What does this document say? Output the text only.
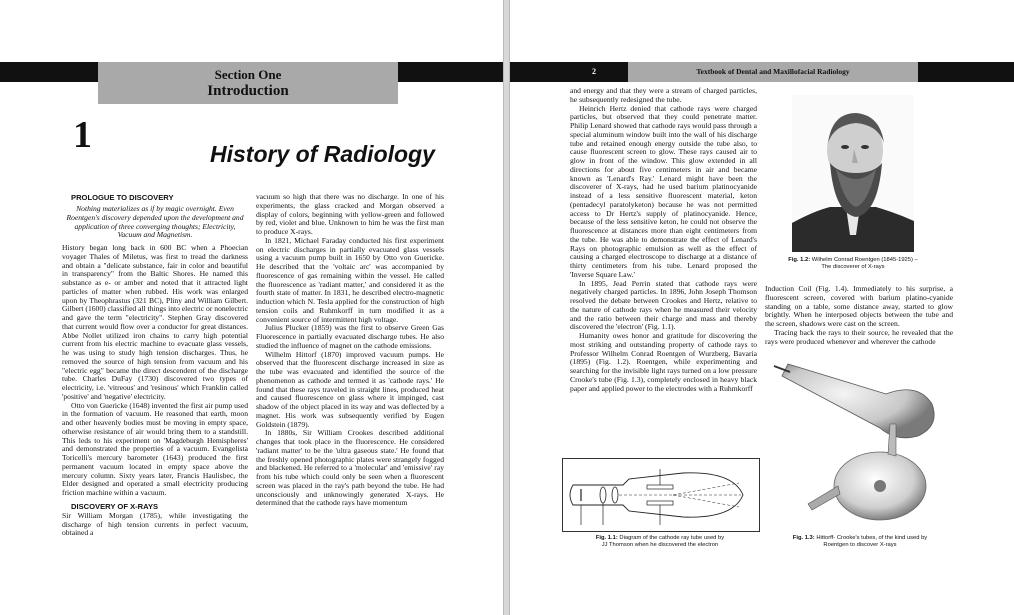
Section One
Introduction
1	History of Radiology

PROLOGUE TO DISCOVERY

Nothing materializes as if by magic overnight. Even Roentgen's discovery depended upon the development and application of three converging thoughts; Electricity, Vacuum and Magnetism.

History began long back in 600 BC when a Phoecian voyager Thales of Miletus, was first to tread the darkness and obtain a "delicate substance, fair in color and beautiful in transparency" from the Baltic Shores. He named this substance as e- or amber and noted that it attracted light particles of matter when rubbed. His work was enlarged upon by Theophrastus (321 BC), Pliny and William Gilbert. Gilbert (1600) classified all things into electric or nonelectric and gave the term "electricity". Stephen Gray discovered that current would flow over a conductor for great distances. Abbe Nollet utilized iron chains to carry high potential current from his electric machine to evacuate glass vessels, he was using to study high tension discharges. Thus, he removed the source of high tension from vacuum and his "electric egg" became the direct descendent of the discharge tube. Charles DuFay (1730) discovered two types of electricity, i.e. 'vitreous' and 'resinous' which Franklin called 'positive' and 'negative' electricity.

Otto von Guericke (1648) invented the first air pump used in the formation of vacuum. He reasoned that earth, moon and other heavenly bodies must be moving in empty space, otherwise resistance of air would bring them to a standstill. This leds to his experiment on 'Magdeburgh Hemispheres' and demonstrated the properties of a vacuum. Evangelista Toricelli's mercury barometer (1643) produced the first permanent vacuum located in empty space above the mercury column. Sixty years later, Francis Haulisbec, the Elder designed and operated a small electricity producing friction machine within a vacuum.

DISCOVERY OF X-RAYS

Sir William Morgan (1785), while investigating the discharge of high tension currents in perfect vacuum, obtained a

vacuum so high that there was no discharge. In one of his experiments, the glass cracked and Morgan observed a display of colors, beginning with yellow-green and followed by red, violet and blue. Unknown to him he was the first man to produce X-rays.

In 1821, Michael Faraday conducted his first experiment on electric discharges in partially evacuated glass vessels using a vacuum pump built in 1650 by Otto von Guericke. He described that the 'voltaic arc' was accompanied by fluorescence of gas remaining within the vessel. He called the fluorescence as 'radiant matter,' and considered it as the fourth state of matter. In 1831, he described electro-magnetic induction which N. Tesla applied for the construction of high tension coils and Ruhmkorff in turn modified it as a convenient source of intermittent high voltage.

Julius Plucker (1859) was the first to observe Green Gas Fluorescence in partially evacuated discharge tubes. He also studied the influence of magnet on the cathode emissions.

Wilhelm Hittorf (1870) improved vacuum pumps. He observed that the fluorescent discharge increased in size as the tube was evacuated and identified the source of the phenomenon as cathode and termed it as 'cathode rays.' He found that these rays traveled in straight lines, produced heat and caused fluorescence on glass where it impinged, cast shadow of the object placed in its way and was deflected by a magnet. His work was subsequently verified by Eugen Goldstein (1879).

In 1880s, Sir William Crookes described additional changes that took place in the fluorescence. He considered 'radiant matter' to be the 'ultra gaseous state.' He found that the freshly opened photographic plates were strangely fogged and blackened. He referred to a 'molecular' and 'emissive' ray from his tube which could only be seen when a fluorescent screen was placed in the ray's path beyond the tube. He had unconsciously and unknowingly generated X-rays. He determined that the cathode rays have momentum

2	Textbook of Dental and Maxillofacial Radiology

and energy and that they were a stream of charged particles, he subsequently redesigned the tube.

Heinrich Hertz denied that cathode rays were charged particles, but observed that they could penetrate matter. Philip Lenard showed that cathode rays would pass through a special aluminum window built into the wall of his discharge tube and retained enough energy outside the tube also, to cause fluorescent screen to glow. These rays caused air to glow in front of the window. This glow extended in all directions for about five centimeters in air and became known as 'Lenard's Ray.' Lenard might have been the discoverer of X-rays, had he used barium platinocyanide instead of a less sensitive fluorescent material, keton (pentadecyl paratolyketon) because he was not permitted access to Dr Hertz's supply of platinocyanide. Hence, because of the less sensitive keton, he could not observe the fluorescence at distances more than eight centimeters from the tube. He was able to demonstrate the effect of Lenard's Rays on photographic emulsion as well as the effect of causing a charged electroscope to discharge at a distance of thirty centimeters from his tube. Lenard proposed the 'Inverse Square Law.'

In 1895, Jead Perrin stated that cathode rays were negatively charged particles. In 1896, John Joseph Thomson resolved the debate between Crookes and Hertz, relative to the nature of cathode rays when he measured their velocity and the ratio between their charge and mass and thereby discovered the 'electron' (Fig. 1.1).

Humanity owes honor and gratitude for discovering the most striking and outstanding property of cathode rays to Professor Wilhelm Conrad Roentgen of Wurzberg, Bavaria (1895) (Fig. 1.2). Roentgen, while experimenting and searching for the invisible light rays turned on a low pressure Crooke's tube (Fig. 1.3), completely enclosed in heavy black paper and applied power to the electrodes with a Ruhmkorff

Fig. 1.2: Wilhelm Conrad Roentgen (1845-1925) –
The discoverer of X-rays

Induction Coil (Fig. 1.4). Immediately to his surprise, a fluorescent screen, covered with barium platino-cyanide standing on a table, some distance away, started to glow brightly. When he interposed objects between the tube and the screen, shadows were cast on the screen.

Tracing back the rays to their source, he revealed that the rays were produced whenever and wherever the cathode

Fig. 1.1: Diagram of the cathode ray tube used by
JJ Thomson when he discovered the electron
Fig. 1.3: Hittorff- Crooke's tubes, of the kind used by
Roentgen to discover X-rays
